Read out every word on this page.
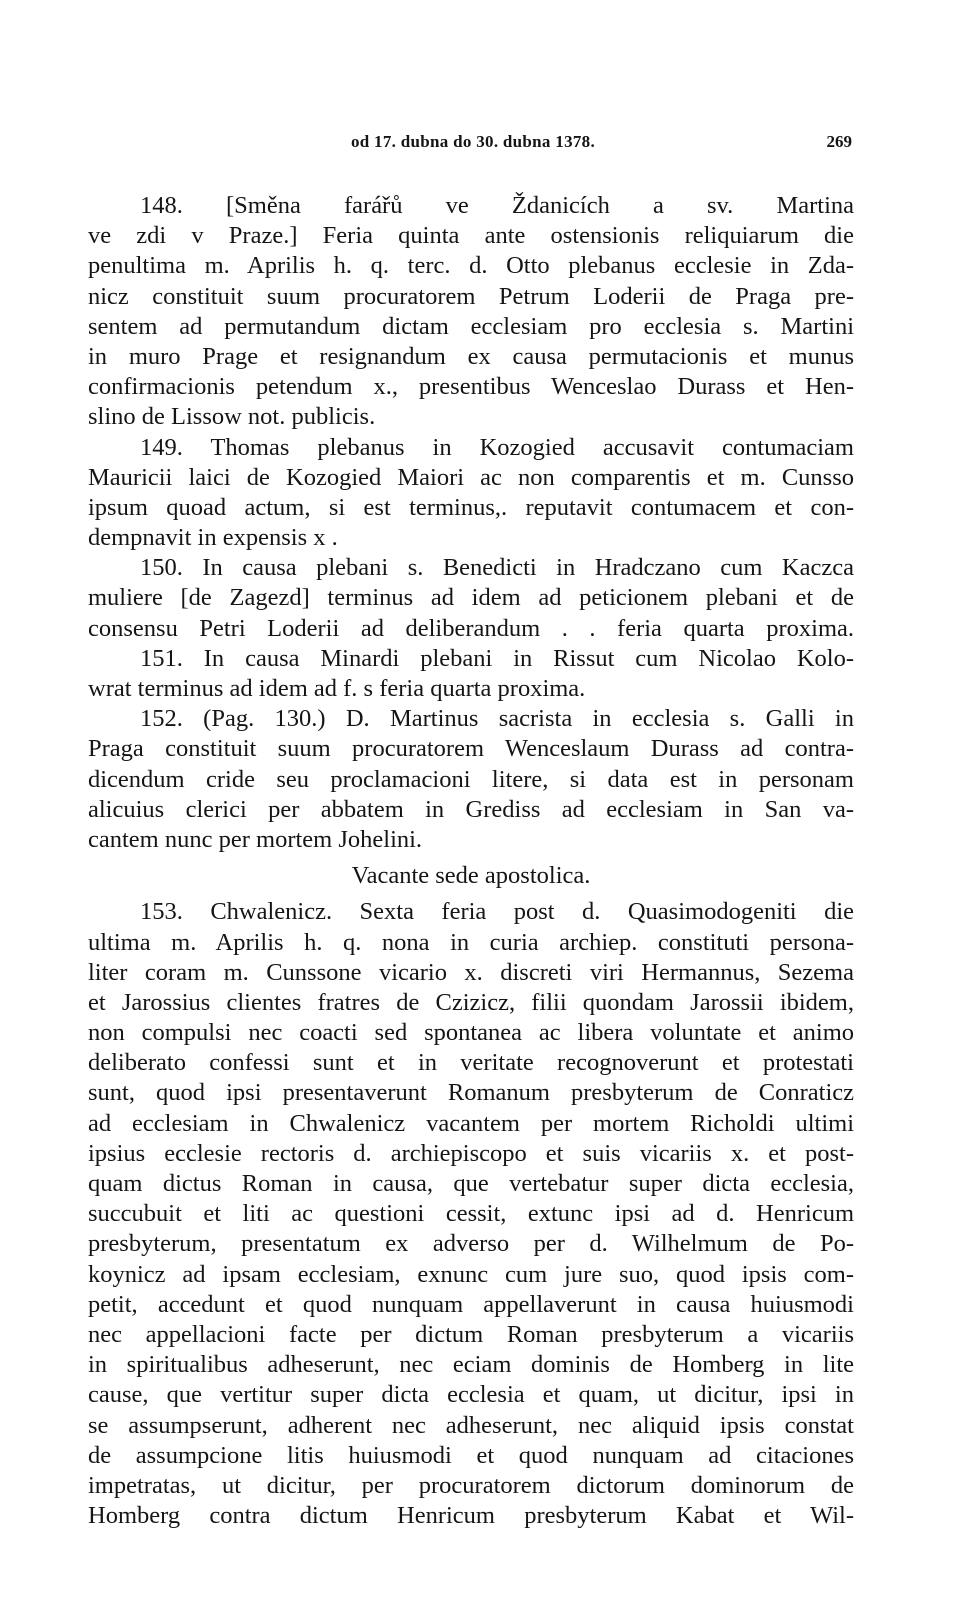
od 17. dubna do 30. dubna 1378.	269
148. [Směna farářů ve Ždanicích a sv. Martina
ve zdi v Praze.] Feria quinta ante ostensionis reliquiarum die
penultima m. Aprilis h. q. terc. d. Otto plebanus ecclesie in Zda-
nicz constituit suum procuratorem Petrum Loderii de Praga pre-
sentem ad permutandum dictam ecclesiam pro ecclesia s. Martini
in muro Prage et resignandum ex causa permutacionis et munus
confirmacionis petendum x., presentibus Wenceslao Durass et Hen-
slino de Lissow not. publicis.
149. Thomas plebanus in Kozogied accusavit contumaciam
Mauricii laici de Kozogied Maiori ac non comparentis et m. Cunsso
ipsum quoad actum, si est terminus,. reputavit contumacem et con-
dempnavit in expensis x .
150. In causa plebani s. Benedicti in Hradczano cum Kaczca
muliere [de Zagezd] terminus ad idem ad peticionem plebani et de
consensu Petri Loderii ad deliberandum . . feria quarta proxima.
151. In causa Minardi plebani in Rissut cum Nicolao Kolo-
wrat terminus ad idem ad f. s feria quarta proxima.
152. (Pag. 130.) D. Martinus sacrista in ecclesia s. Galli in
Praga constituit suum procuratorem Wenceslaum Durass ad contra-
dicendum cride seu proclamacioni litere, si data est in personam
alicuius clerici per abbatem in Grediss ad ecclesiam in San va-
cantem nunc per mortem Johelini.
Vacante sede apostolica.
153. Chwalenicz. Sexta feria post d. Quasimodogeniti die
ultima m. Aprilis h. q. nona in curia archiep. constituti persona-
liter coram m. Cunssone vicario x. discreti viri Hermannus, Sezema
et Jarossius clientes fratres de Czizicz, filii quondam Jarossii ibidem,
non compulsi nec coacti sed spontanea ac libera voluntate et animo
deliberato confessi sunt et in veritate recognoverunt et protestati
sunt, quod ipsi presentaverunt Romanum presbyterum de Conraticz
ad ecclesiam in Chwalenicz vacantem per mortem Richoldi ultimi
ipsius ecclesie rectoris d. archiepiscopo et suis vicariis x. et post-
quam dictus Roman in causa, que vertebatur super dicta ecclesia,
succubuit et liti ac questioni cessit, extunc ipsi ad d. Henricum
presbyterum, presentatum ex adverso per d. Wilhelmum de Po-
koynicz ad ipsam ecclesiam, exnunc cum jure suo, quod ipsis com-
petit, accedunt et quod nunquam appellaverunt in causa huiusmodi
nec appellacioni facte per dictum Roman presbyterum a vicariis
in spiritualibus adheserunt, nec eciam dominis de Homberg in lite
cause, que vertitur super dicta ecclesia et quam, ut dicitur, ipsi in
se assumpserunt, adherent nec adheserunt, nec aliquid ipsis constat
de assumpcione litis huiusmodi et quod nunquam ad citaciones
impetratas, ut dicitur, per procuratorem dictorum dominorum de
Homberg contra dictum Henricum presbyterum Kabat et Wil-
